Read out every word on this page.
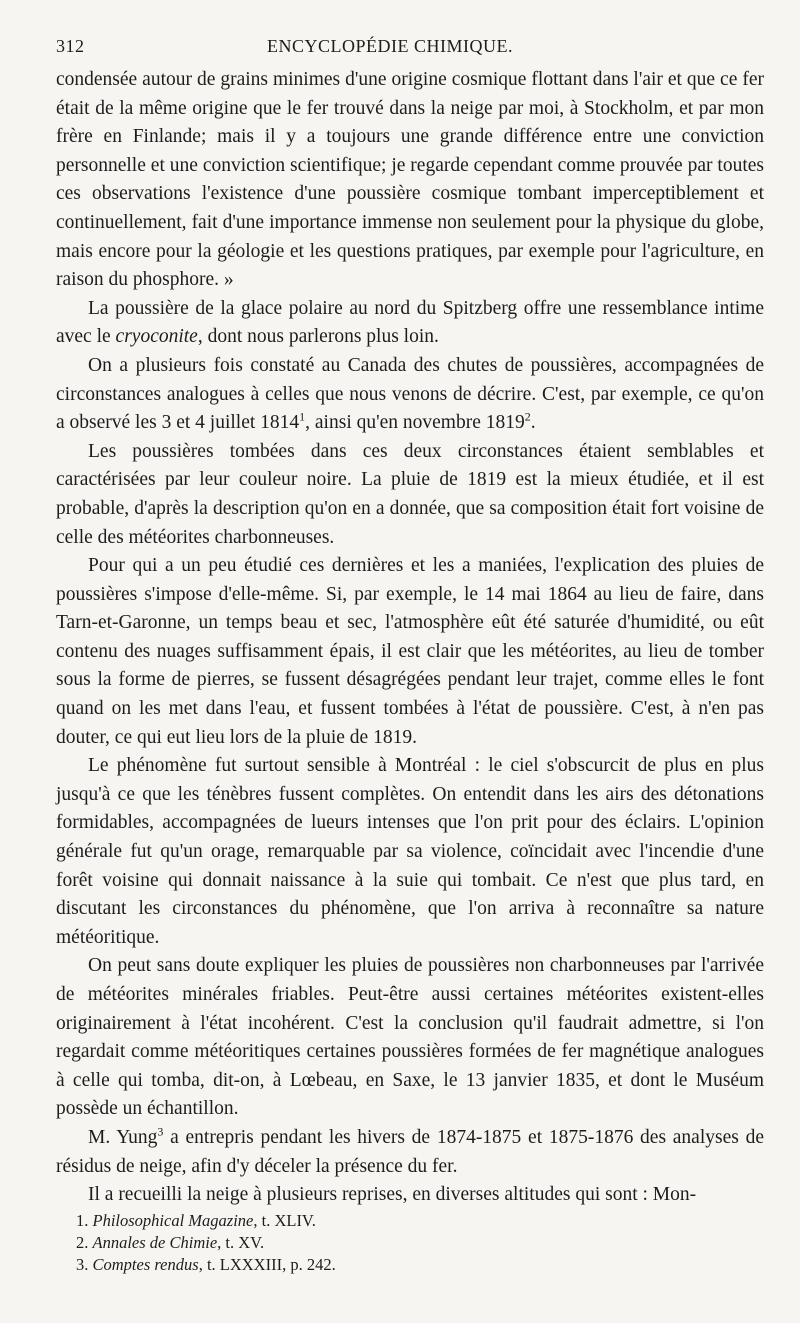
312	ENCYCLOPÉDIE CHIMIQUE.

condensée autour de grains minimes d'une origine cosmique flottant dans l'air et que ce fer était de la même origine que le fer trouvé dans la neige par moi, à Stockholm, et par mon frère en Finlande; mais il y a toujours une grande différence entre une conviction personnelle et une conviction scientifique; je regarde cependant comme prouvée par toutes ces observations l'existence d'une poussière cosmique tombant imperceptiblement et continuellement, fait d'une importance immense non seulement pour la physique du globe, mais encore pour la géologie et les questions pratiques, par exemple pour l'agriculture, en raison du phosphore. »

La poussière de la glace polaire au nord du Spitzberg offre une ressemblance intime avec le cryoconite, dont nous parlerons plus loin.

On a plusieurs fois constaté au Canada des chutes de poussières, accompagnées de circonstances analogues à celles que nous venons de décrire. C'est, par exemple, ce qu'on a observé les 3 et 4 juillet 1814$^1$, ainsi qu'en novembre 1819$^2$.

Les poussières tombées dans ces deux circonstances étaient semblables et caractérisées par leur couleur noire. La pluie de 1819 est la mieux étudiée, et il est probable, d'après la description qu'on en a donnée, que sa composition était fort voisine de celle des météorites charbonneuses.

Pour qui a un peu étudié ces dernières et les a maniées, l'explication des pluies de poussières s'impose d'elle-même. Si, par exemple, le 14 mai 1864 au lieu de faire, dans Tarn-et-Garonne, un temps beau et sec, l'atmosphère eût été saturée d'humidité, ou eût contenu des nuages suffisamment épais, il est clair que les météorites, au lieu de tomber sous la forme de pierres, se fussent désagrégées pendant leur trajet, comme elles le font quand on les met dans l'eau, et fussent tombées à l'état de poussière. C'est, à n'en pas douter, ce qui eut lieu lors de la pluie de 1819.

Le phénomène fut surtout sensible à Montréal : le ciel s'obscurcit de plus en plus jusqu'à ce que les ténèbres fussent complètes. On entendit dans les airs des détonations formidables, accompagnées de lueurs intenses que l'on prit pour des éclairs. L'opinion générale fut qu'un orage, remarquable par sa violence, coïncidait avec l'incendie d'une forêt voisine qui donnait naissance à la suie qui tombait. Ce n'est que plus tard, en discutant les circonstances du phénomène, que l'on arriva à reconnaître sa nature météoritique.

On peut sans doute expliquer les pluies de poussières non charbonneuses par l'arrivée de météorites minérales friables. Peut-être aussi certaines météorites existent-elles originairement à l'état incohérent. C'est la conclusion qu'il faudrait admettre, si l'on regardait comme météoritiques certaines poussières formées de fer magnétique analogues à celle qui tomba, dit-on, à Lœbeau, en Saxe, le 13 janvier 1835, et dont le Muséum possède un échantillon.

M. Yung$^3$ a entrepris pendant les hivers de 1874-1875 et 1875-1876 des analyses de résidus de neige, afin d'y déceler la présence du fer.

Il a recueilli la neige à plusieurs reprises, en diverses altitudes qui sont : Mon-

1. Philosophical Magazine, t. XLIV.
2. Annales de Chimie, t. XV.
3. Comptes rendus, t. LXXXIII, p. 242.
